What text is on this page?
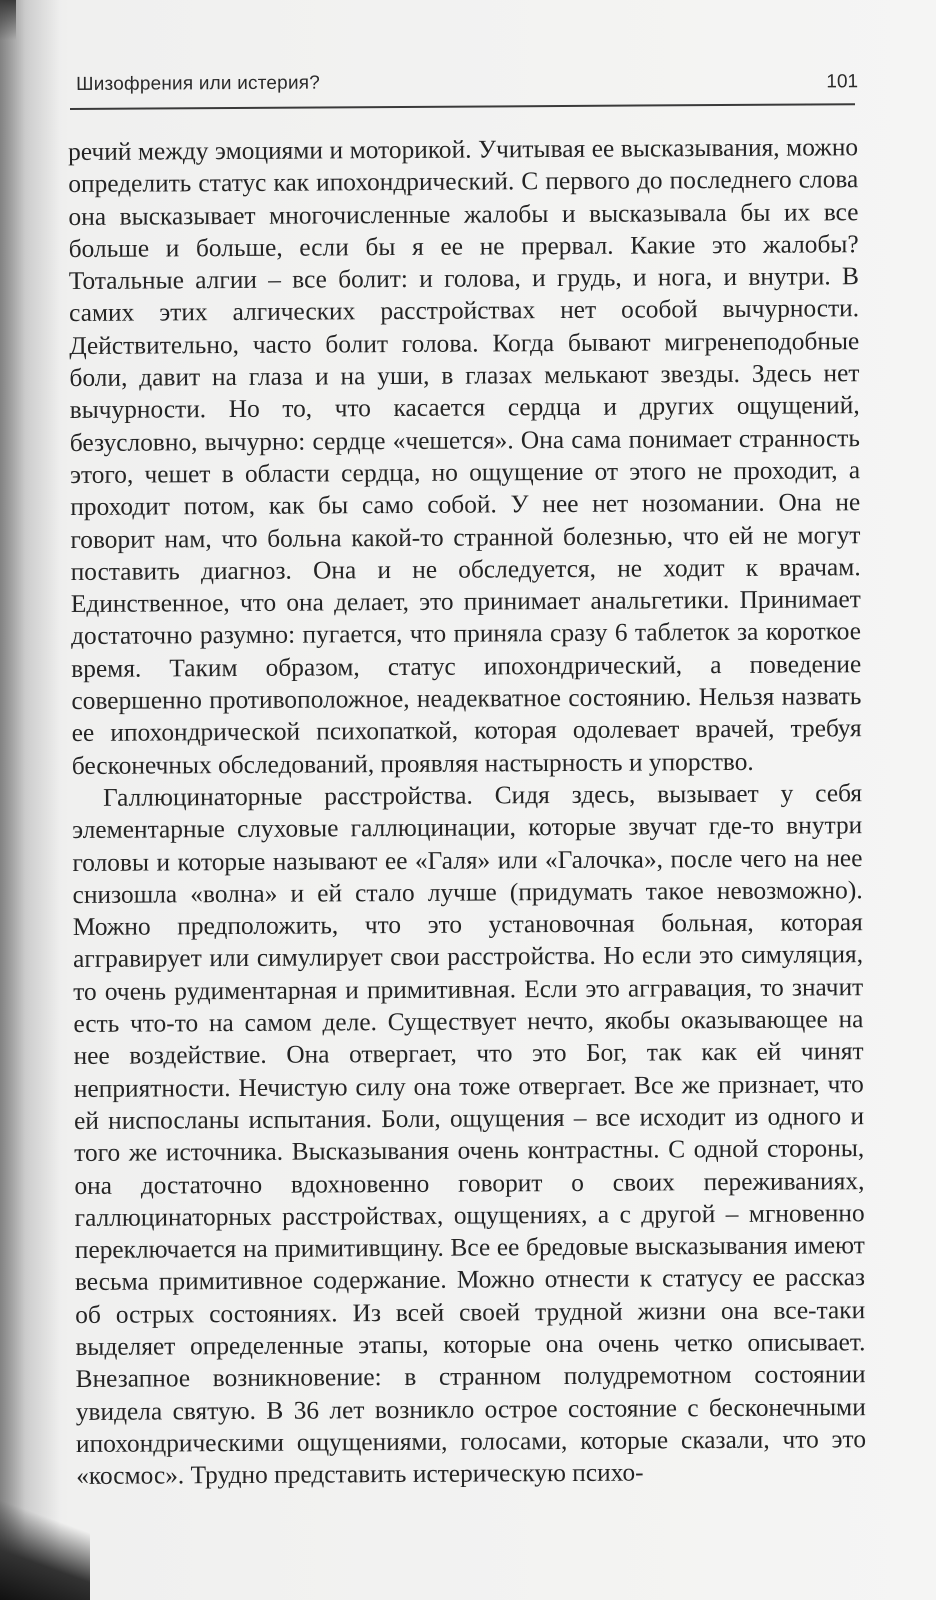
Шизофрения или истерия?	101

речий между эмоциями и моторикой. Учитывая ее высказывания, можно определить статус как ипохондрический. С первого до последнего слова она высказывает многочисленные жалобы и высказывала бы их все больше и больше, если бы я ее не прервал. Какие это жалобы? Тотальные алгии – все болит: и голова, и грудь, и нога, и внутри. В самих этих алгических расстройствах нет особой вычурности. Действительно, часто болит голова. Когда бывают мигренеподобные боли, давит на глаза и на уши, в глазах мелькают звезды. Здесь нет вычурности. Но то, что касается сердца и других ощущений, безусловно, вычурно: сердце «чешется». Она сама понимает странность этого, чешет в области сердца, но ощущение от этого не проходит, а проходит потом, как бы само собой. У нее нет нозомании. Она не говорит нам, что больна какой-то странной болезнью, что ей не могут поставить диагноз. Она и не обследуется, не ходит к врачам. Единственное, что она делает, это принимает анальгетики. Принимает достаточно разумно: пугается, что приняла сразу 6 таблеток за короткое время. Таким образом, статус ипохондрический, а поведение совершенно противоположное, неадекватное состоянию. Нельзя назвать ее ипохондрической психопаткой, которая одолевает врачей, требуя бесконечных обследований, проявляя настырность и упорство.

Галлюцинаторные расстройства. Сидя здесь, вызывает у себя элементарные слуховые галлюцинации, которые звучат где-то внутри головы и которые называют ее «Галя» или «Галочка», после чего на нее снизошла «волна» и ей стало лучше (придумать такое невозможно). Можно предположить, что это установочная больная, которая аггравирует или симулирует свои расстройства. Но если это симуляция, то очень рудиментарная и примитивная. Если это аггравация, то значит есть что-то на самом деле. Существует нечто, якобы оказывающее на нее воздействие. Она отвергает, что это Бог, так как ей чинят неприятности. Нечистую силу она тоже отвергает. Все же признает, что ей ниспосланы испытания. Боли, ощущения – все исходит из одного и того же источника. Высказывания очень контрастны. С одной стороны, она достаточно вдохновенно говорит о своих переживаниях, галлюцинаторных расстройствах, ощущениях, а с другой – мгновенно переключается на примитивщину. Все ее бредовые высказывания имеют весьма примитивное содержание. Можно отнести к статусу ее рассказ об острых состояниях. Из всей своей трудной жизни она все-таки выделяет определенные этапы, которые она очень четко описывает. Внезапное возникновение: в странном полудремотном состоянии увидела святую. В 36 лет возникло острое состояние с бесконечными ипохондрическими ощущениями, голосами, которые сказали, что это «космос». Трудно представить истерическую психо-
